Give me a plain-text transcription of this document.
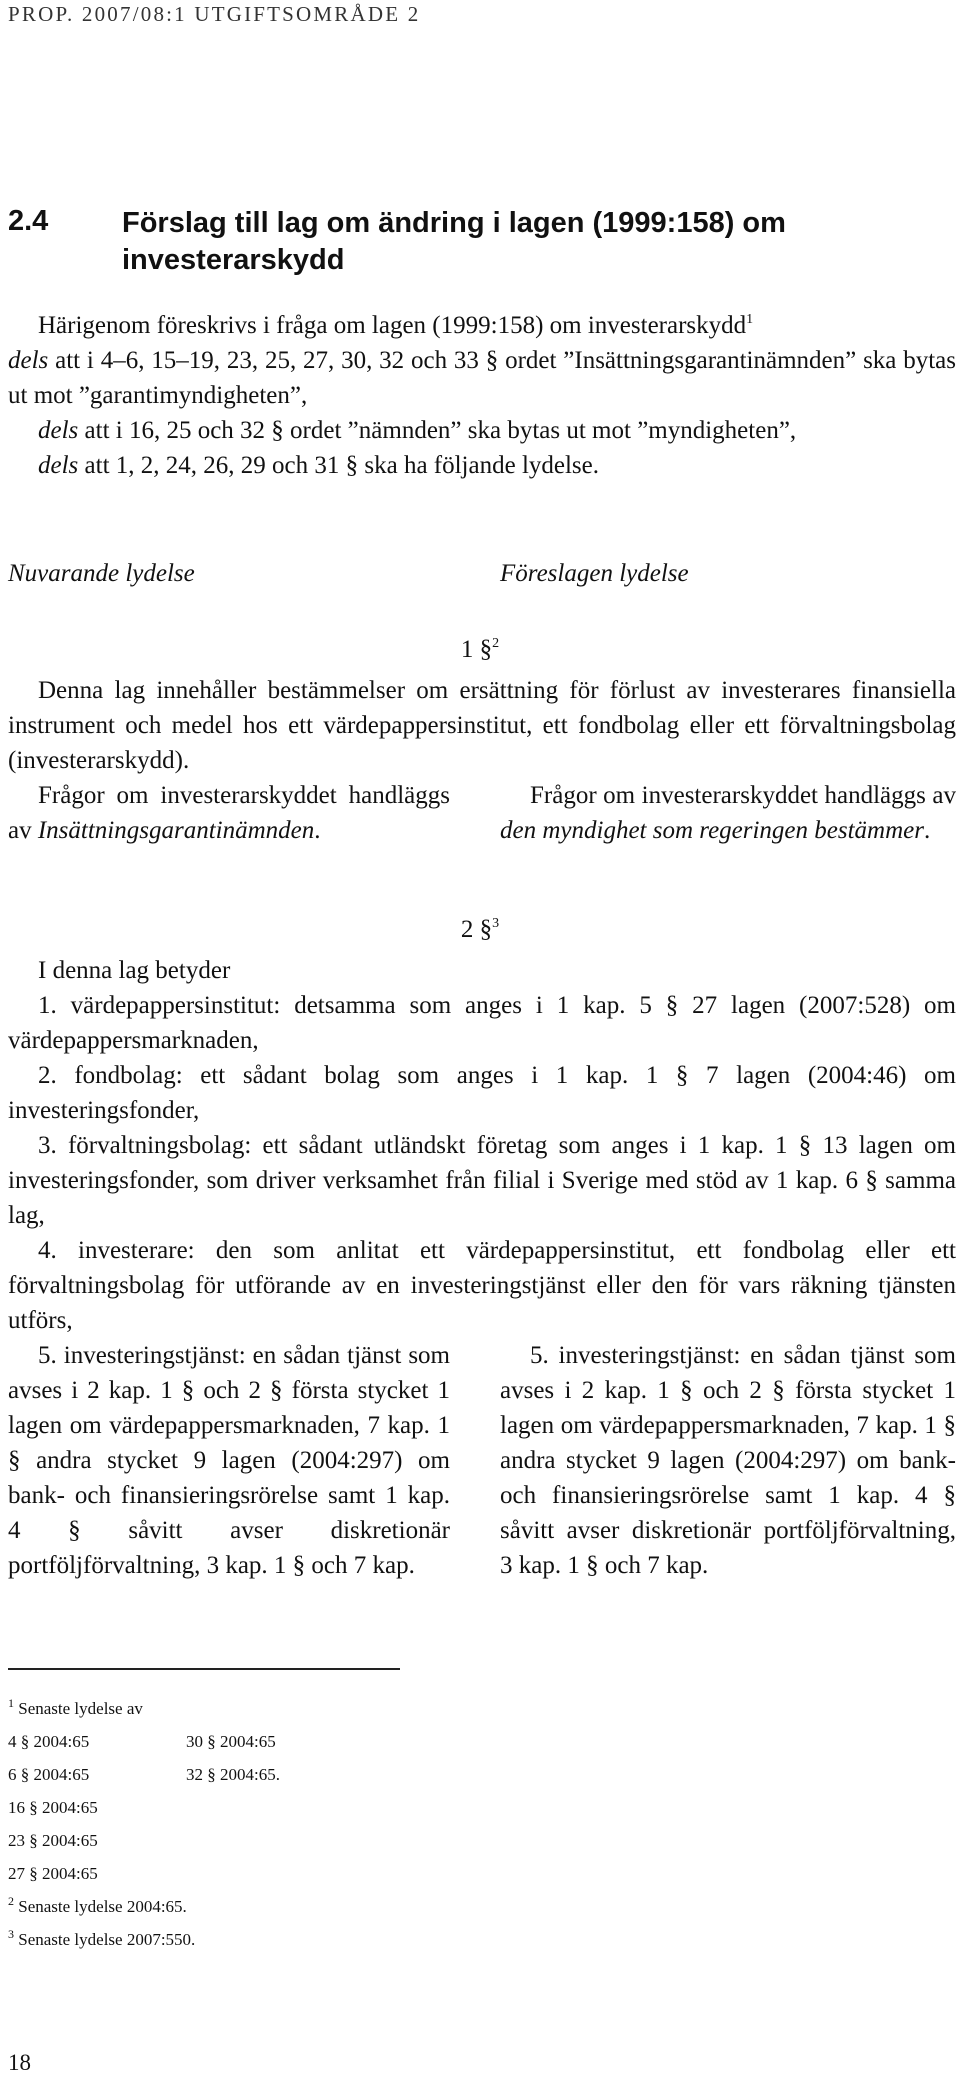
PROP. 2007/08:1 UTGIFTSOMRÅDE 2
2.4	Förslag till lag om ändring i lagen (1999:158) om investerarskydd

Härigenom föreskrivs i fråga om lagen (1999:158) om investerarskydd$^1$

dels att i 4–6, 15–19, 23, 25, 27, 30, 32 och 33 § ordet ”Insättningsgarantinämnden” ska bytas ut mot ”garantimyndigheten”,

dels att i 16, 25 och 32 § ordet ”nämnden” ska bytas ut mot ”myndigheten”,

dels att 1, 2, 24, 26, 29 och 31 § ska ha följande lydelse.

Nuvarande lydelse	Föreslagen lydelse
1 §$^2$

Denna lag innehåller bestämmelser om ersättning för förlust av investerares finansiella instrument och medel hos ett värdepappersinstitut, ett fondbolag eller ett förvaltningsbolag (investerarskydd).

Frågor om investerarskyddet handläggs av Insättningsgarantinämnden.

Frågor om investerarskyddet handläggs av den myndighet som regeringen bestämmer.

2 §$^3$

I denna lag betyder

1. värdepappersinstitut: detsamma som anges i 1 kap. 5 § 27 lagen (2007:528) om värdepappersmarknaden,

2. fondbolag: ett sådant bolag som anges i 1 kap. 1 § 7 lagen (2004:46) om investeringsfonder,

3. förvaltningsbolag: ett sådant utländskt företag som anges i 1 kap. 1 § 13 lagen om investeringsfonder, som driver verksamhet från filial i Sverige med stöd av 1 kap. 6 § samma lag,

4. investerare: den som anlitat ett värdepappersinstitut, ett fondbolag eller ett förvaltningsbolag för utförande av en investeringstjänst eller den för vars räkning tjänsten utförs,

5. investeringstjänst: en sådan tjänst som avses i 2 kap. 1 § och 2 § första stycket 1 lagen om värdepappersmarknaden, 7 kap. 1 § andra stycket 9 lagen (2004:297) om bank- och finansieringsrörelse samt 1 kap. 4 § såvitt avser diskretionär portföljförvaltning, 3 kap. 1 § och 7 kap.

5. investeringstjänst: en sådan tjänst som avses i 2 kap. 1 § och 2 § första stycket 1 lagen om värdepappersmarknaden, 7 kap. 1 § andra stycket 9 lagen (2004:297) om bank- och finansieringsrörelse samt 1 kap. 4 § såvitt avser diskretionär portföljförvaltning, 3 kap. 1 § och 7 kap.

$^1$ Senaste lydelse av
4 § 2004:65	30 § 2004:65
6 § 2004:65	32 § 2004:65.
16 § 2004:65
23 § 2004:65
27 § 2004:65
$^2$ Senaste lydelse 2004:65.
$^3$ Senaste lydelse 2007:550.
18
